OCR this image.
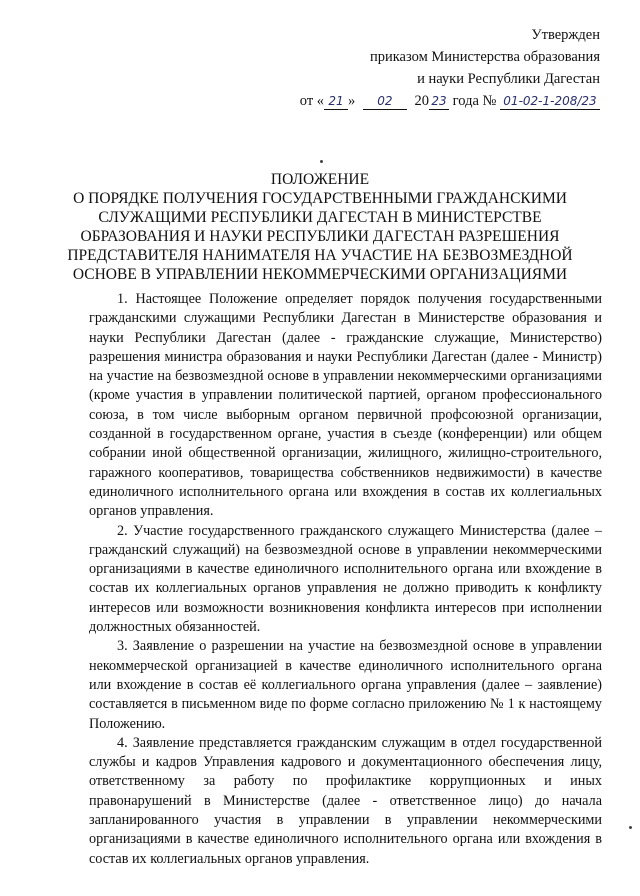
Утвержден
приказом Министерства образования
и науки Республики Дагестан
от « 21 » 02 20 23 года № 01-02-1-208/23
ПОЛОЖЕНИЕ
О ПОРЯДКЕ ПОЛУЧЕНИЯ ГОСУДАРСТВЕННЫМИ ГРАЖДАНСКИМИ СЛУЖАЩИМИ РЕСПУБЛИКИ ДАГЕСТАН В МИНИСТЕРСТВЕ ОБРАЗОВАНИЯ И НАУКИ РЕСПУБЛИКИ ДАГЕСТАН РАЗРЕШЕНИЯ ПРЕДСТАВИТЕЛЯ НАНИМАТЕЛЯ НА УЧАСТИЕ НА БЕЗВОЗМЕЗДНОЙ ОСНОВЕ В УПРАВЛЕНИИ НЕКОММЕРЧЕСКИМИ ОРГАНИЗАЦИЯМИ

1. Настоящее Положение определяет порядок получения государственными гражданскими служащими Республики Дагестан в Министерстве образования и науки Республики Дагестан (далее - гражданские служащие, Министерство) разрешения министра образования и науки Республики Дагестан (далее - Министр) на участие на безвозмездной основе в управлении некоммерческими организациями (кроме участия в управлении политической партией, органом профессионального союза, в том числе выборным органом первичной профсоюзной организации, созданной в государственном органе, участия в съезде (конференции) или общем собрании иной общественной организации, жилищного, жилищно-строительного, гаражного кооперативов, товарищества собственников недвижимости) в качестве единоличного исполнительного органа или вхождения в состав их коллегиальных органов управления.

2. Участие государственного гражданского служащего Министерства (далее – гражданский служащий) на безвозмездной основе в управлении некоммерческими организациями в качестве единоличного исполнительного органа или вхождение в состав их коллегиальных органов управления не должно приводить к конфликту интересов или возможности возникновения конфликта интересов при исполнении должностных обязанностей.

3. Заявление о разрешении на участие на безвозмездной основе в управлении некоммерческой организацией в качестве единоличного исполнительного органа или вхождение в состав её коллегиального органа управления (далее – заявление) составляется в письменном виде по форме согласно приложению № 1 к настоящему Положению.

4. Заявление представляется гражданским служащим в отдел государственной службы и кадров Управления кадрового и документационного обеспечения лицу, ответственному за работу по профилактике коррупционных и иных правонарушений в Министерстве (далее - ответственное лицо) до начала запланированного участия в управлении в управлении некоммерческими организациями в качестве единоличного исполнительного органа или вхождения в состав их коллегиальных органов управления.
